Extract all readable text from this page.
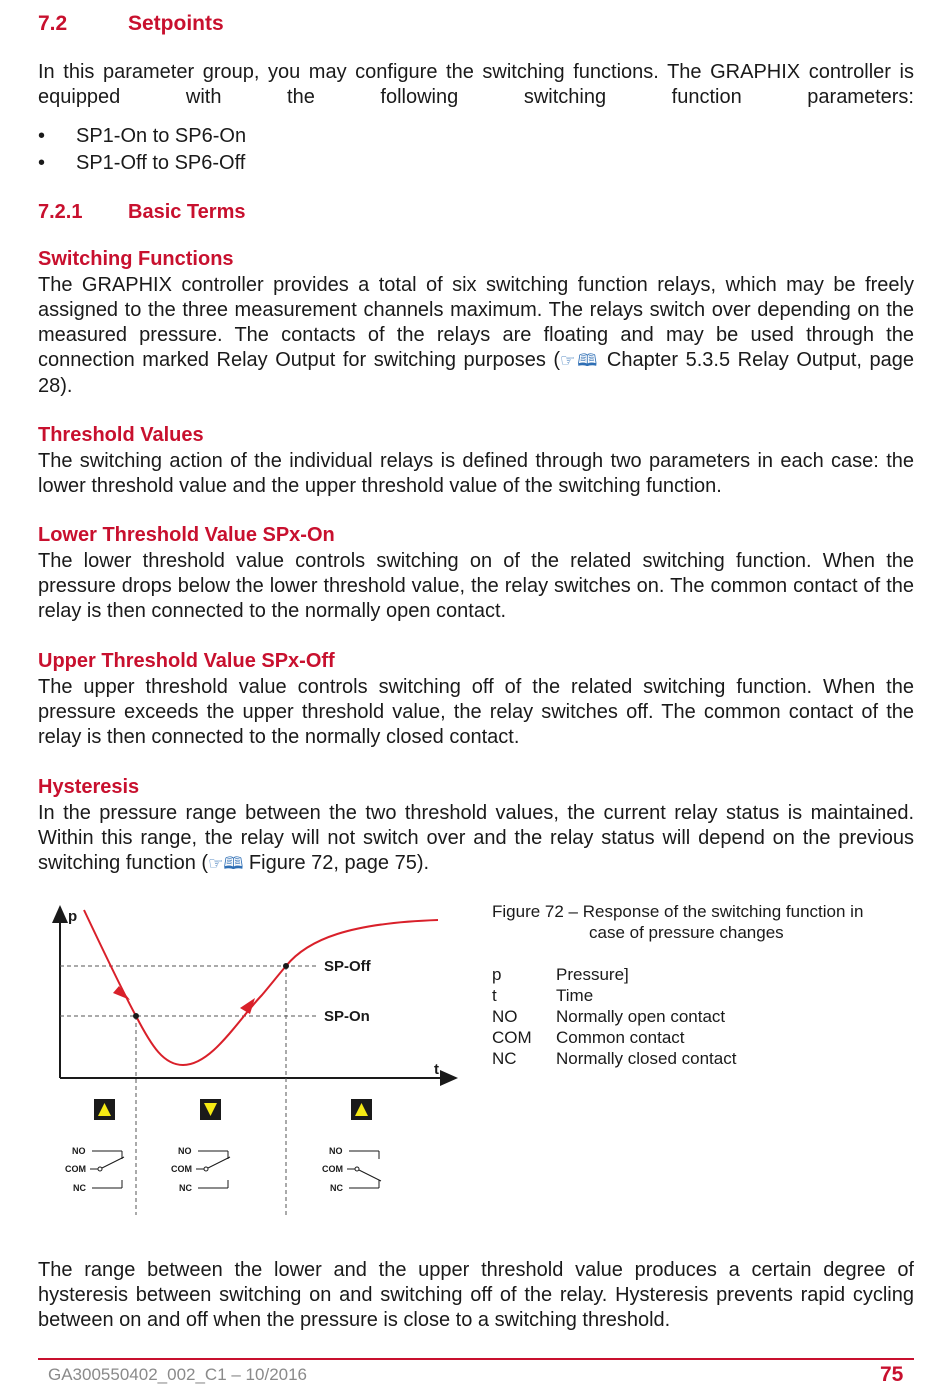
7.2	Setpoints
In this parameter group, you may configure the switching functions. The GRAPHIX controller is equipped with the following switching function parameters:
• SP1-On to SP6-On
• SP1-Off to SP6-Off
7.2.1 Basic Terms
Switching Functions
The GRAPHIX controller provides a total of six switching function relays, which may be freely assigned to the three measurement channels maximum. The relays switch over depending on the measured pressure. The contacts of the relays are floating and may be used through the connection marked Relay Output for switching purposes (☞🕮 Chapter 5.3.5 Relay Output, page 28).
Threshold Values
The switching action of the individual relays is defined through two parameters in each case: the lower threshold value and the upper threshold value of the switching function.
Lower Threshold Value SPx-On
The lower threshold value controls switching on of the related switching function. When the pressure drops below the lower threshold value, the relay switches on. The common contact of the relay is then connected to the normally open contact.
Upper Threshold Value SPx-Off
The upper threshold value controls switching off of the related switching function. When the pressure exceeds the upper threshold value, the relay switches off. The common contact of the relay is then connected to the normally closed contact.
Hysteresis
In the pressure range between the two threshold values, the current relay status is maintained. Within this range, the relay will not switch over and the relay status will depend on the previous switching function (☞🕮 Figure 72, page 75).
p
t
SP-Off
SP-On
NO
COM
NC
NO
COM
NC
NO
COM
NC
Figure 72 – Response of the switching function in
case of pressure changes
p	Pressure]
t	Time
NO Normally open contact
COM Common contact
NC Normally closed contact
The range between the lower and the upper threshold value produces a certain degree of hysteresis between switching on and switching off of the relay. Hysteresis prevents rapid cycling between on and off when the pressure is close to a switching threshold.
GA300550402_002_C1 – 10/2016	75
